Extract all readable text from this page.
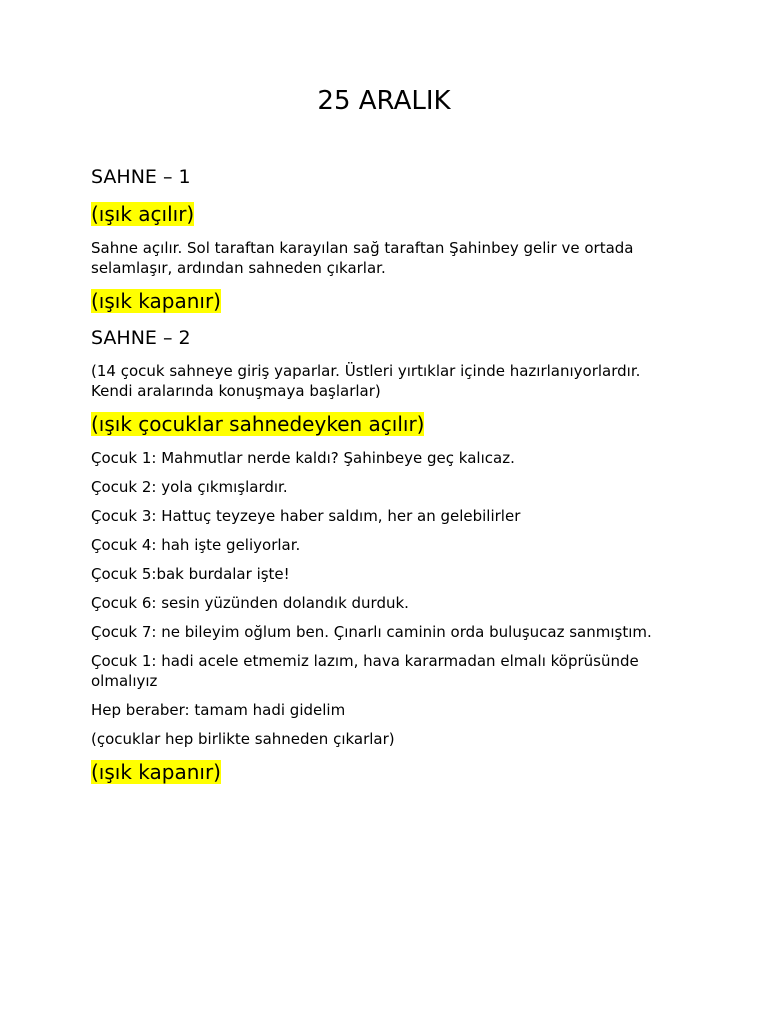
25 ARALIK
SAHNE – 1
(ışık açılır)
Sahne açılır. Sol taraftan karayılan sağ taraftan Şahinbey gelir ve ortada selamlaşır, ardından sahneden çıkarlar.
(ışık kapanır)
SAHNE – 2
(14 çocuk sahneye giriş yaparlar. Üstleri yırtıklar içinde hazırlanıyorlardır. Kendi aralarında konuşmaya başlarlar)
(ışık çocuklar sahnedeyken açılır)
Çocuk 1: Mahmutlar nerde kaldı? Şahinbeye geç kalıcaz.
Çocuk 2: yola çıkmışlardır.
Çocuk 3: Hattuç teyzeye haber saldım, her an gelebilirler
Çocuk 4: hah işte geliyorlar.
Çocuk 5:bak burdalar işte!
Çocuk 6: sesin yüzünden dolandık durduk.
Çocuk 7: ne bileyim oğlum ben. Çınarlı caminin orda buluşucaz sanmıştım.
Çocuk 1: hadi acele etmemiz lazım, hava kararmadan elmalı köprüsünde olmalıyız
Hep beraber: tamam hadi gidelim
(çocuklar hep birlikte sahneden çıkarlar)
(ışık kapanır)
